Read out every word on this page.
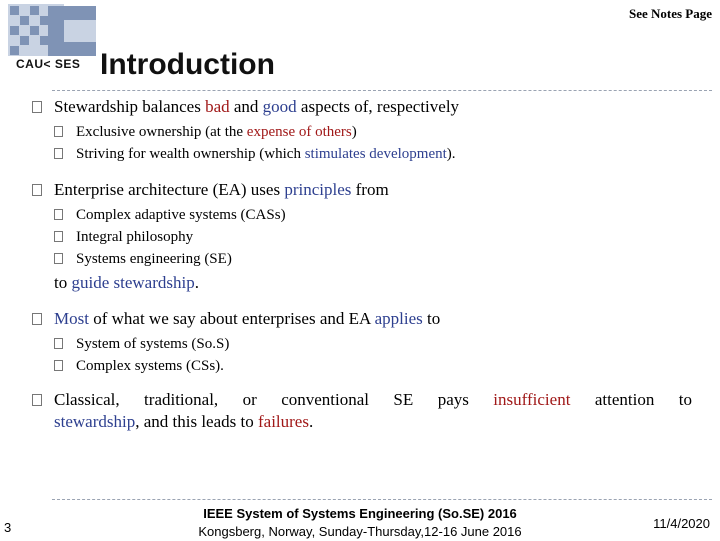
CAU< SES
See Notes Page
Introduction
Stewardship balances bad and good aspects of, respectively
Exclusive ownership (at the expense of others)
Striving for wealth ownership (which stimulates development).
Enterprise architecture (EA) uses principles from
Complex adaptive systems (CASs)
Integral philosophy
Systems engineering (SE)
to guide stewardship.
Most of what we say about enterprises and EA applies to
System of systems (So.S)
Complex systems (CSs).
Classical, traditional, or conventional SE pays insufficient attention to
stewardship, and this leads to failures.
3
IEEE System of Systems Engineering (So.SE) 2016
Kongsberg, Norway, Sunday-Thursday,12-16 June 2016
11/4/2020
